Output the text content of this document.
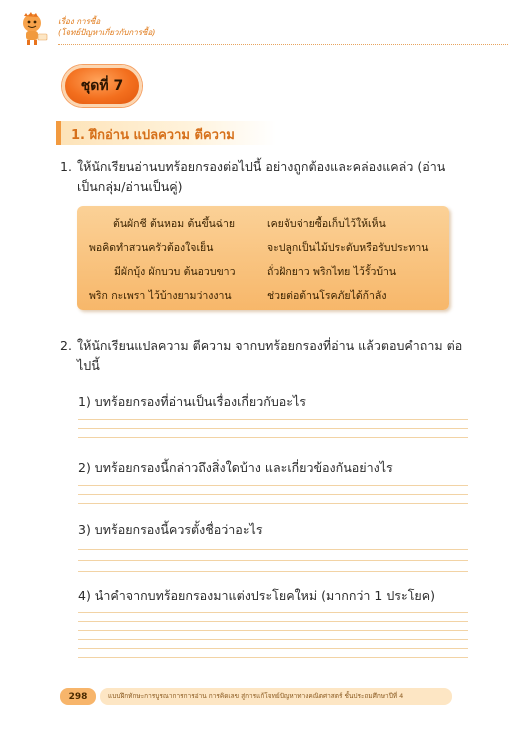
เรื่อง การซื้อ
(โจทย์ปัญหาเกี่ยวกับการซื้อ)
ชุดที่ 7
1. ฝึกอ่าน แปลความ ตีความ
1. ให้นักเรียนอ่านบทร้อยกรองต่อไปนี้ อย่างถูกต้องและคล่องแคล่ว (อ่านเป็นกลุ่ม/อ่านเป็นคู่)
ต้นผักชี ต้นหอม ต้นขึ้นฉ่าย
พอคิดทำสวนครัวต้องใจเย็น
มีผักบุ้ง ผักบวบ ต้นอวบขาว
พริก กะเพรา ไว้บ้างยามว่างงาน
เคยจับจ่ายซื้อเก็บไว้ให้เห็น
จะปลูกเป็นไม้ประดับหรือรับประทาน
ถั่วฝักยาว พริกไทย ไว้รั้วบ้าน
ช่วยต่อต้านโรคภัยได้ก้าลัง
2. ให้นักเรียนแปลความ ตีความ จากบทร้อยกรองที่อ่าน แล้วตอบคำถาม ต่อไปนี้
1) บทร้อยกรองที่อ่านเป็นเรื่องเกี่ยวกับอะไร
2) บทร้อยกรองนี้กล่าวถึงสิ่งใดบ้าง และเกี่ยวข้องกันอย่างไร
3) บทร้อยกรองนี้ควรตั้งชื่อว่าอะไร
4) นำคำจากบทร้อยกรองมาแต่งประโยคใหม่ (มากกว่า 1 ประโยค)
298	แบบฝึกทักษะการบูรณาการการอ่าน การคิดเลข สู่การแก้โจทย์ปัญหาทางคณิตศาสตร์ ชั้นประถมศึกษาปีที่ 4
